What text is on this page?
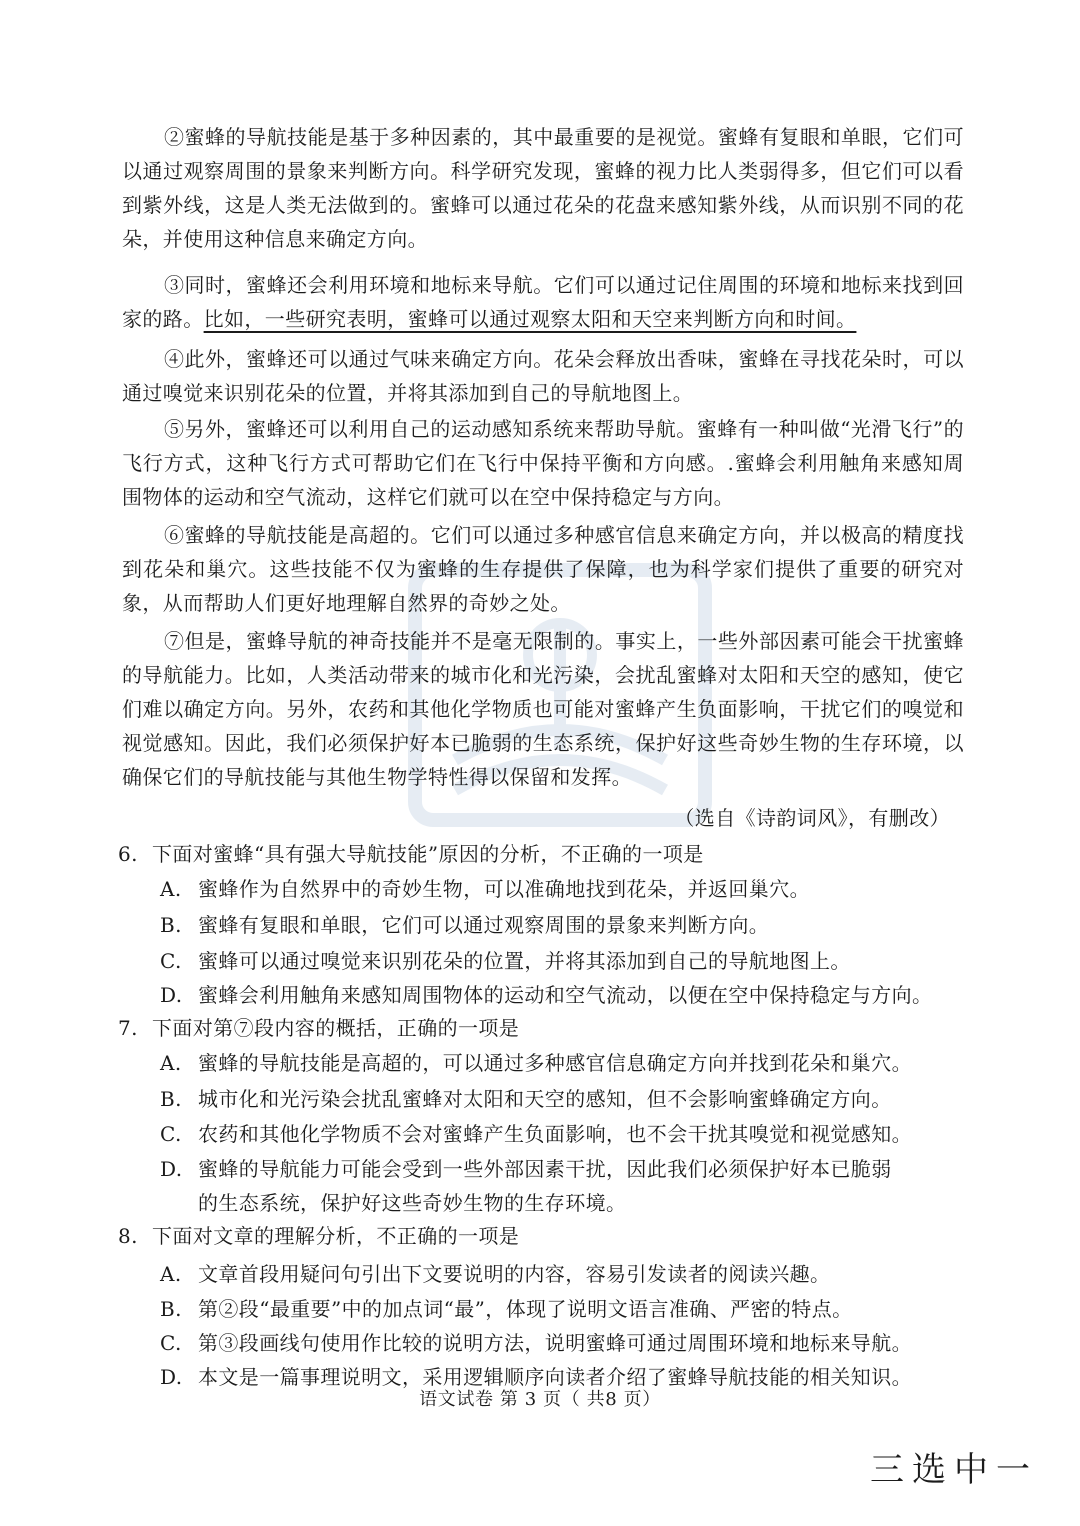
②蜜蜂的导航技能是基于多种因素的，其中最重要的是视觉。蜜蜂有复眼和单眼，它们可以通过观察周围的景象来判断方向。科学研究发现，蜜蜂的视力比人类弱得多，但它们可以看到紫外线，这是人类无法做到的。蜜蜂可以通过花朵的花盘来感知紫外线，从而识别不同的花朵，并使用这种信息来确定方向。
③同时，蜜蜂还会利用环境和地标来导航。它们可以通过记住周围的环境和地标来找到回家的路。比如，一些研究表明，蜜蜂可以通过观察太阳和天空来判断方向和时间。
④此外，蜜蜂还可以通过气味来确定方向。花朵会释放出香味，蜜蜂在寻找花朵时，可以通过嗅觉来识别花朵的位置，并将其添加到自己的导航地图上。
⑤另外，蜜蜂还可以利用自己的运动感知系统来帮助导航。蜜蜂有一种叫做“光滑飞行”的飞行方式，这种飞行方式可帮助它们在飞行中保持平衡和方向感。.蜜蜂会利用触角来感知周围物体的运动和空气流动，这样它们就可以在空中保持稳定与方向。
⑥蜜蜂的导航技能是高超的。它们可以通过多种感官信息来确定方向，并以极高的精度找到花朵和巢穴。这些技能不仅为蜜蜂的生存提供了保障，也为科学家们提供了重要的研究对象，从而帮助人们更好地理解自然界的奇妙之处。
⑦但是，蜜蜂导航的神奇技能并不是毫无限制的。事实上，一些外部因素可能会干扰蜜蜂的导航能力。比如，人类活动带来的城市化和光污染，会扰乱蜜蜂对太阳和天空的感知，使它们难以确定方向。另外，农药和其他化学物质也可能对蜜蜂产生负面影响，干扰它们的嗅觉和视觉感知。因此，我们必须保护好本已脆弱的生态系统，保护好这些奇妙生物的生存环境，以确保它们的导航技能与其他生物学特性得以保留和发挥。
（选自《诗韵词风》，有删改）
6. 下面对蜜蜂“具有强大导航技能”原因的分析，不正确的一项是
A. 蜜蜂作为自然界中的奇妙生物，可以准确地找到花朵，并返回巢穴。
B. 蜜蜂有复眼和单眼，它们可以通过观察周围的景象来判断方向。
C. 蜜蜂可以通过嗅觉来识别花朵的位置，并将其添加到自己的导航地图上。
D. 蜜蜂会利用触角来感知周围物体的运动和空气流动，以便在空中保持稳定与方向。
7. 下面对第⑦段内容的概括，正确的一项是
A. 蜜蜂的导航技能是高超的，可以通过多种感官信息确定方向并找到花朵和巢穴。
B. 城市化和光污染会扰乱蜜蜂对太阳和天空的感知，但不会影响蜜蜂确定方向。
C. 农药和其他化学物质不会对蜜蜂产生负面影响，也不会干扰其嗅觉和视觉感知。
D. 蜜蜂的导航能力可能会受到一些外部因素干扰，因此我们必须保护好本已脆弱
的生态系统，保护好这些奇妙生物的生存环境。
8. 下面对文章的理解分析，不正确的一项是
A. 文章首段用疑问句引出下文要说明的内容，容易引发读者的阅读兴趣。
B. 第②段“最重要”中的加点词“最”，体现了说明文语言准确、严密的特点。
C. 第③段画线句使用作比较的说明方法，说明蜜蜂可通过周围环境和地标来导航。
D. 本文是一篇事理说明文，采用逻辑顺序向读者介绍了蜜蜂导航技能的相关知识。
语文试卷 第 3 页（ 共8 页）
三选中一
